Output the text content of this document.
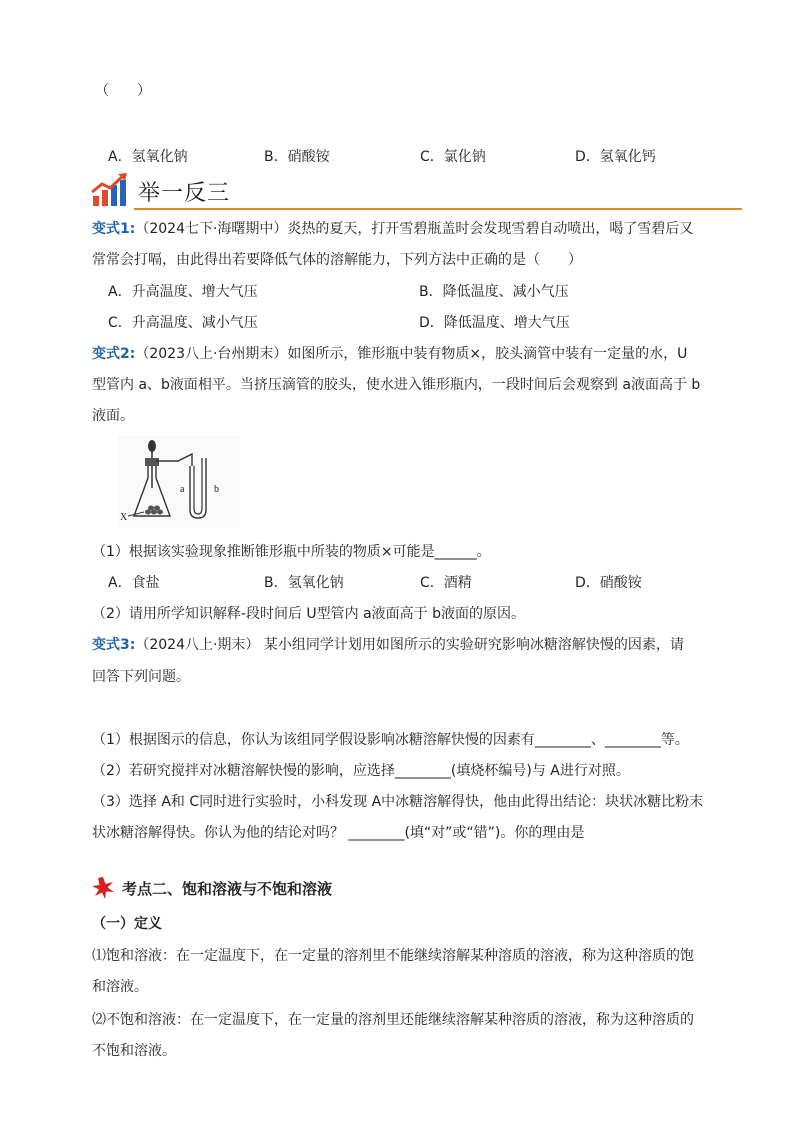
（　　）
A．氢氧化钠	B．硝酸铵	C．氯化钠	D．氢氧化钙
举一反三
变式1:（2024七下·海曙期中）炎热的夏天，打开雪碧瓶盖时会发现雪碧自动喷出，喝了雪碧后又
常常会打嗝，由此得出若要降低气体的溶解能力，下列方法中正确的是（　　）
A．升高温度、增大气压	B．降低温度、减小气压
C．升高温度、减小气压	D．降低温度、增大气压
变式2:（2023八上·台州期末）如图所示，锥形瓶中装有物质×，胶头滴管中装有一定量的水，U
型管内 a、b液面相平。当挤压滴管的胶头，使水进入锥形瓶内，一段时间后会观察到 a液面高于 b
液面。
a	b
X
（1）根据该实验现象推断锥形瓶中所装的物质×可能是______。
A．食盐	B．氢氧化钠	C．酒精	D．硝酸铵
（2）请用所学知识解释-段时间后 U型管内 a液面高于 b液面的原因。
变式3:（2024八上·期末） 某小组同学计划用如图所示的实验研究影响冰糖溶解快慢的因素，请
回答下列问题。
（1）根据图示的信息，你认为该组同学假设影响冰糖溶解快慢的因素有________、________等。
（2）若研究搅拌对冰糖溶解快慢的影响，应选择________(填烧杯编号)与 A进行对照。
（3）选择 A和 C同时进行实验时，小科发现 A中冰糖溶解得快，他由此得出结论：块状冰糖比粉末
状冰糖溶解得快。你认为他的结论对吗？ ________(填“对”或“错”)。你的理由是
考点二、饱和溶液与不饱和溶液
（一）定义
⑴饱和溶液：在一定温度下，在一定量的溶剂里不能继续溶解某种溶质的溶液，称为这种溶质的饱
和溶液。
⑵不饱和溶液：在一定温度下，在一定量的溶剂里还能继续溶解某种溶质的溶液，称为这种溶质的
不饱和溶液。
